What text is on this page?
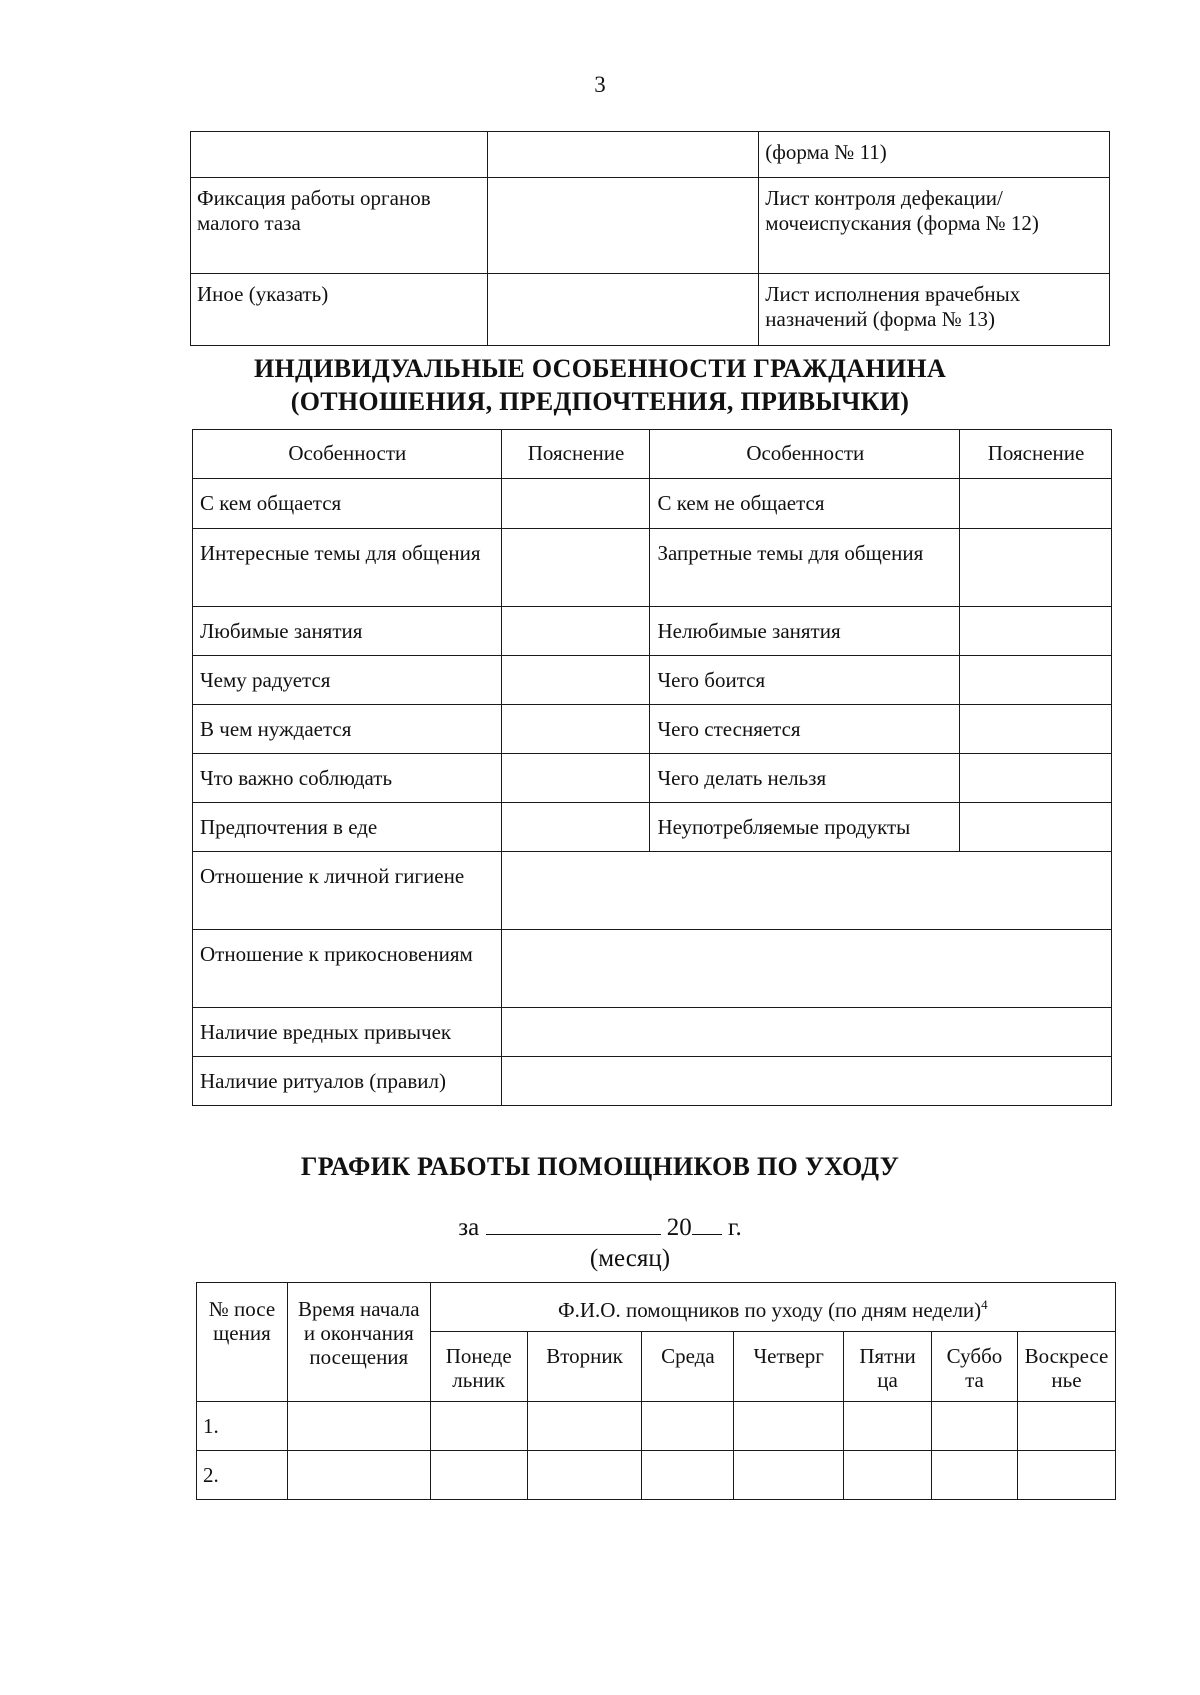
3
		(форма № 11)
Фиксация работы органов малого таза		Лист контроля дефекации/мочеиспускания (форма № 12)
Иное (указать)		Лист исполнения врачебных назначений (форма № 13)
ИНДИВИДУАЛЬНЫЕ ОСОБЕННОСТИ ГРАЖДАНИНА
(ОТНОШЕНИЯ, ПРЕДПОЧТЕНИЯ, ПРИВЫЧКИ)
Особенности	Пояснение	Особенности	Пояснение
С кем общается		С кем не общается	
Интересные темы для общения		Запретные темы для общения	
Любимые занятия		Нелюбимые занятия	
Чему радуется		Чего боится	
В чем нуждается		Чего стесняется	
Что важно соблюдать		Чего делать нельзя	
Предпочтения в еде		Неупотребляемые продукты	
Отношение к личной гигиене			
Отношение к прикосновениям			
Наличие вредных привычек			
Наличие ритуалов (правил)			
ГРАФИК РАБОТЫ ПОМОЩНИКОВ ПО УХОДУ
за	20 г.
(месяц)
№ посещения	Время начала и окончания посещения	Ф.И.О. помощников по уходу (по дням недели)$^4$

		Понедельник	Вторник	Среда	Четверг	Пятница	Суббота	Воскресенье

1.								
2.								
